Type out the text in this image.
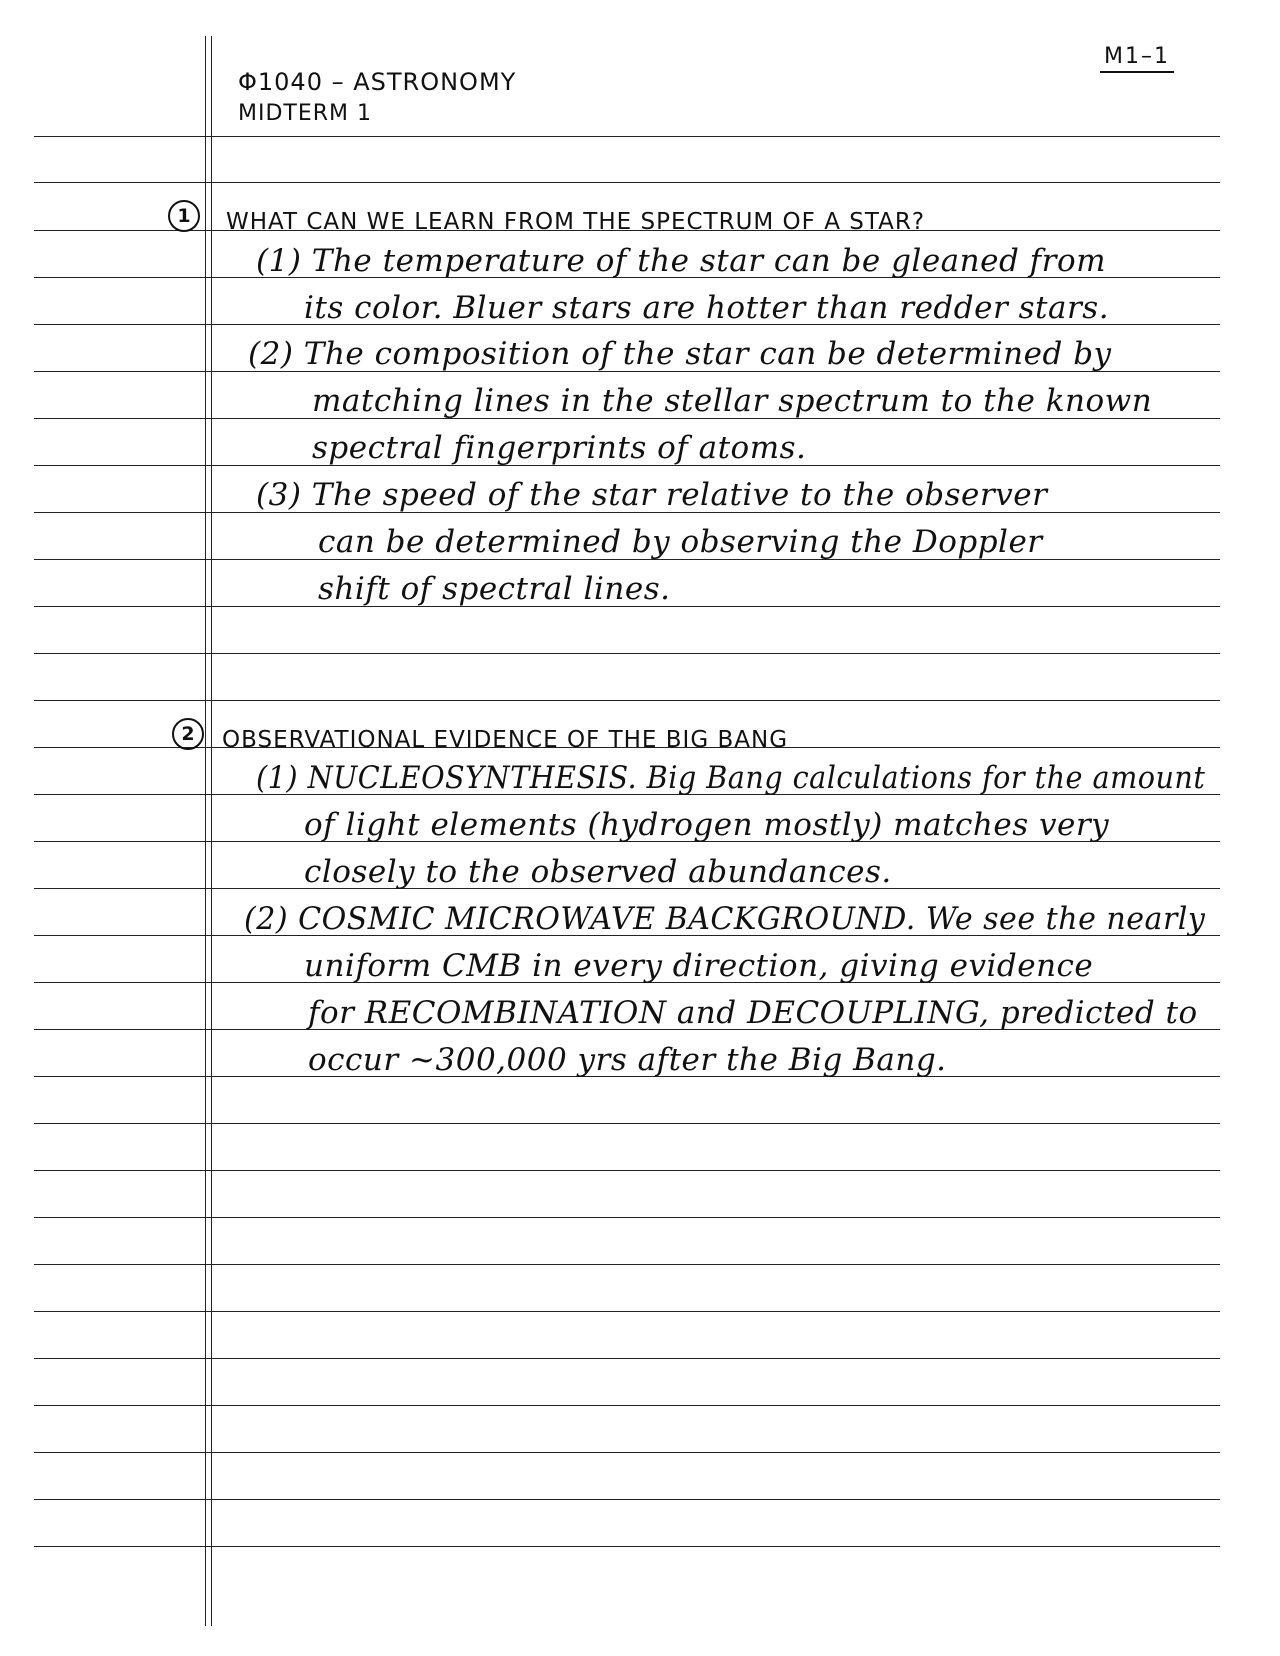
Φ1040 – ASTRONOMY
MIDTERM 1
M1–1
1	WHAT CAN WE LEARN FROM THE SPECTRUM OF A STAR?
(1) The temperature of the star can be gleaned from
its color. Bluer stars are hotter than redder stars.
(2) The composition of the star can be determined by
matching lines in the stellar spectrum to the known
spectral fingerprints of atoms.
(3) The speed of the star relative to the observer
can be determined by observing the Doppler
shift of spectral lines.
2	OBSERVATIONAL EVIDENCE OF THE BIG BANG
(1) NUCLEOSYNTHESIS. Big Bang calculations for the amount
of light elements (hydrogen mostly) matches very
closely to the observed abundances.
(2) COSMIC MICROWAVE BACKGROUND. We see the nearly
uniform CMB in every direction, giving evidence
for RECOMBINATION and DECOUPLING, predicted to
occur ~300,000 yrs after the Big Bang.
